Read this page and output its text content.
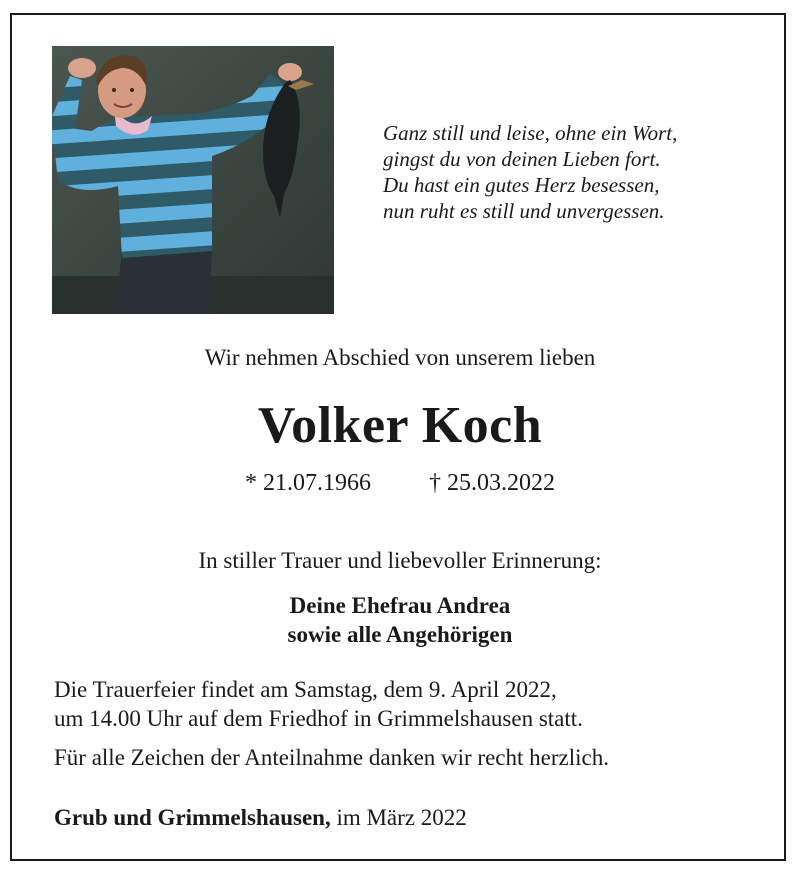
Ganz still und leise, ohne ein Wort,
gingst du von deinen Lieben fort.
Du hast ein gutes Herz besessen,
nun ruht es still und unvergessen.
Wir nehmen Abschied von unserem lieben
Volker Koch
* 21.07.1966 † 25.03.2022
In stiller Trauer und liebevoller Erinnerung:
Deine Ehefrau Andrea
sowie alle Angehörigen
Die Trauerfeier findet am Samstag, dem 9. April 2022,
um 14.00 Uhr auf dem Friedhof in Grimmelshausen statt.
Für alle Zeichen der Anteilnahme danken wir recht herzlich.
Grub und Grimmelshausen, im März 2022
